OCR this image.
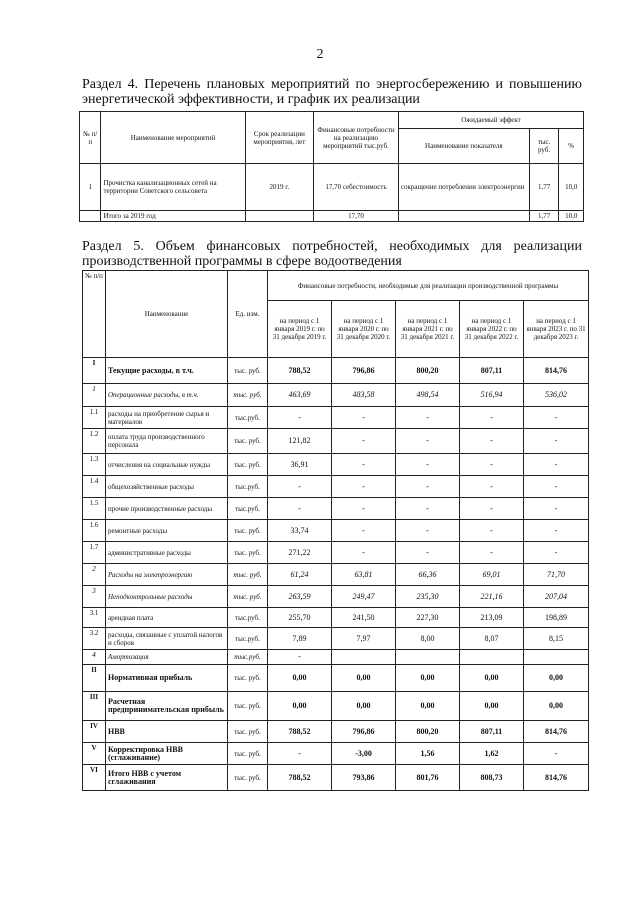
2
Раздел 4. Перечень плановых мероприятий по энергосбережению и повышению энергетической эффективности, и график их реализации
№ п/п	Наименование мероприятий	Срок реализации мероприятия, лет	Финансовые потребности на реализацию мероприятий тыс.руб.	Ожидаемый эффект		
				Наименование показателя	тыс. руб.	%
1	Прочистка канализационных сетей на территории Советского сельсовета	2019 г.	17,70 себестоимость	сокращение потребления электроэнергии	1,77	10,0
	Итого за 2019 год		17,70		1,77	10,0
Раздел 5. Объем финансовых потребностей, необходимых для реализации производственной программы в сфере водоотведения
№ п/п	Наименование	Ед. изм.	Финансовые потребности, необходимые для реализации производственной программы				
			на период с 1 января 2019 г. по 31 декабря 2019 г.	на период с 1 января 2020 г. по 31 декабря 2020 г.	на период с 1 января 2021 г. по 31 декабря 2021 г.	на период с 1 января 2022 г. по 31 декабря 2022 г.	на период с 1 января 2023 г. по 31 декабря 2023 г.
I	Текущие расходы, в т.ч.	тыс. руб.	788,52	796,86	800,20	807,11	814,76
1	Операционные расходы, в т.ч.	тыс. руб.	463,69	483,58	498,54	516,94	536,02
1.1	расходы на приобретение сырья и материалов	тыс.руб.	-	-	-	-	-
1.2	оплата труда производственного персонала	тыс. руб.	121,82	-	-	-	-
1.3	отчисления на социальные нужды	тыс. руб.	36,91	-	-	-	-
1.4	общехозяйственные расходы	тыс.руб.	-	-	-	-	-
1.5	прочие производственные расходы	тыс.руб.	-	-	-	-	-
1.6	ремонтные расходы	тыс. руб.	33,74	-	-	-	-
1.7	административные расходы	тыс. руб.	271,22	-	-	-	-
2	Расходы на электроэнергию	тыс. руб.	61,24	63,81	66,36	69,01	71,70
3	Неподконтрольные расходы	тыс. руб.	263,59	249,47	235,30	221,16	207,04
3.1	арендная плата	тыс.руб.	255,70	241,50	227,30	213,09	198,89
3.2	расходы, связанные с уплатой налогов и сборов	тыс.руб.	7,89	7,97	8,00	8,07	8,15
4	Амортизация	тыс.руб.	-				
II	Нормативная прибыль	тыс. руб.	0,00	0,00	0,00	0,00	0,00
III	Расчетная предпринимательская прибыль	тыс. руб.	0,00	0,00	0,00	0,00	0,00
IV	НВВ	тыс. руб.	788,52	796,86	800,20	807,11	814,76
V	Корректировка НВВ (сглаживание)	тыс. руб.	-	-3,00	1,56	1,62	-
VI	Итого НВВ с учетом сглаживания	тыс. руб.	788,52	793,86	801,76	808,73	814,76
